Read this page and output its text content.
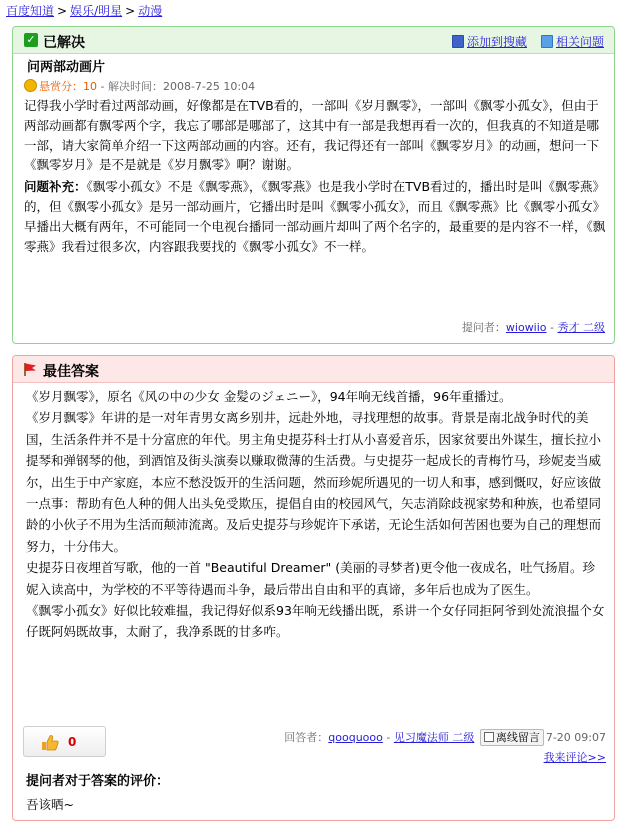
百度知道 > 娱乐/明星 > 动漫
✓ 已解决	添加到搜藏 相关问题
问两部动画片
悬赏分：10 - 解决时间：2008-7-25 10:04
记得我小学时看过两部动画，好像都是在TVB看的，一部叫《岁月飘零》，一部叫《飘零小孤女》，但由于两部动画都有飘零两个字，我忘了哪部是哪部了，这其中有一部是我想再看一次的，但我真的不知道是哪一部，请大家简单介绍一下这两部动画的内容。还有，我记得还有一部叫《飘零岁月》的动画，想问一下《飘零岁月》是不是就是《岁月飘零》啊？谢谢。
问题补充：《飘零小孤女》不是《飘零燕》，《飘零燕》也是我小学时在TVB看过的，播出时是叫《飘零燕》的，但《飘零小孤女》是另一部动画片，它播出时是叫《飘零小孤女》，而且《飘零燕》比《飘零小孤女》早播出大概有两年，不可能同一个电视台播同一部动画片却叫了两个名字的，最重要的是内容不一样，《飘零燕》我看过很多次，内容跟我要找的《飘零小孤女》不一样。
提问者：wiowiio - 秀才 二级
最佳答案
《岁月飘零》，原名《风の中の少女 金髪のジェニー》，94年响无线首播，96年重播过。
《岁月飘零》年讲的是一对年青男女离乡别井，远赴外地，寻找理想的故事。背景是南北战争时代的美国，生活条件并不是十分富庶的年代。男主角史提芬科士打从小喜爱音乐，因家贫要出外谋生，擅长拉小提琴和弹钢琴的他，到酒馆及街头演奏以赚取微薄的生活费。与史提芬一起成长的青梅竹马，珍妮麦当威尔，出生于中产家庭，本应不愁没饭开的生活问题，然而珍妮所遇见的一切人和事，感到慨叹，好应该做一点事：帮助有色人种的佣人出头免受欺压，提倡自由的校园风气，矢志消除歧视家势和种族，也希望同龄的小伙子不用为生活而颠沛流离。及后史提芬与珍妮许下承诺，无论生活如何苦困也要为自己的理想而努力，十分伟大。
史提芬日夜埋首写歌，他的一首 "Beautiful Dreamer" (美丽的寻梦者)更令他一夜成名，吐气扬眉。珍妮入读高中，为学校的不平等待遇而斗争，最后带出自由和平的真谛，多年后也成为了医生。
《飘零小孤女》好似比较难揾，我记得好似系93年响无线播出既，系讲一个女仔同拒阿爷到处流浪揾个女仔既阿妈既故事，太耐了，我净系既的甘多咋。
0	回答者：qooquooo - 见习魔法师 二级 离线留言 7-20 09:07
我来评论>>
提问者对于答案的评价：
吾该晒~
